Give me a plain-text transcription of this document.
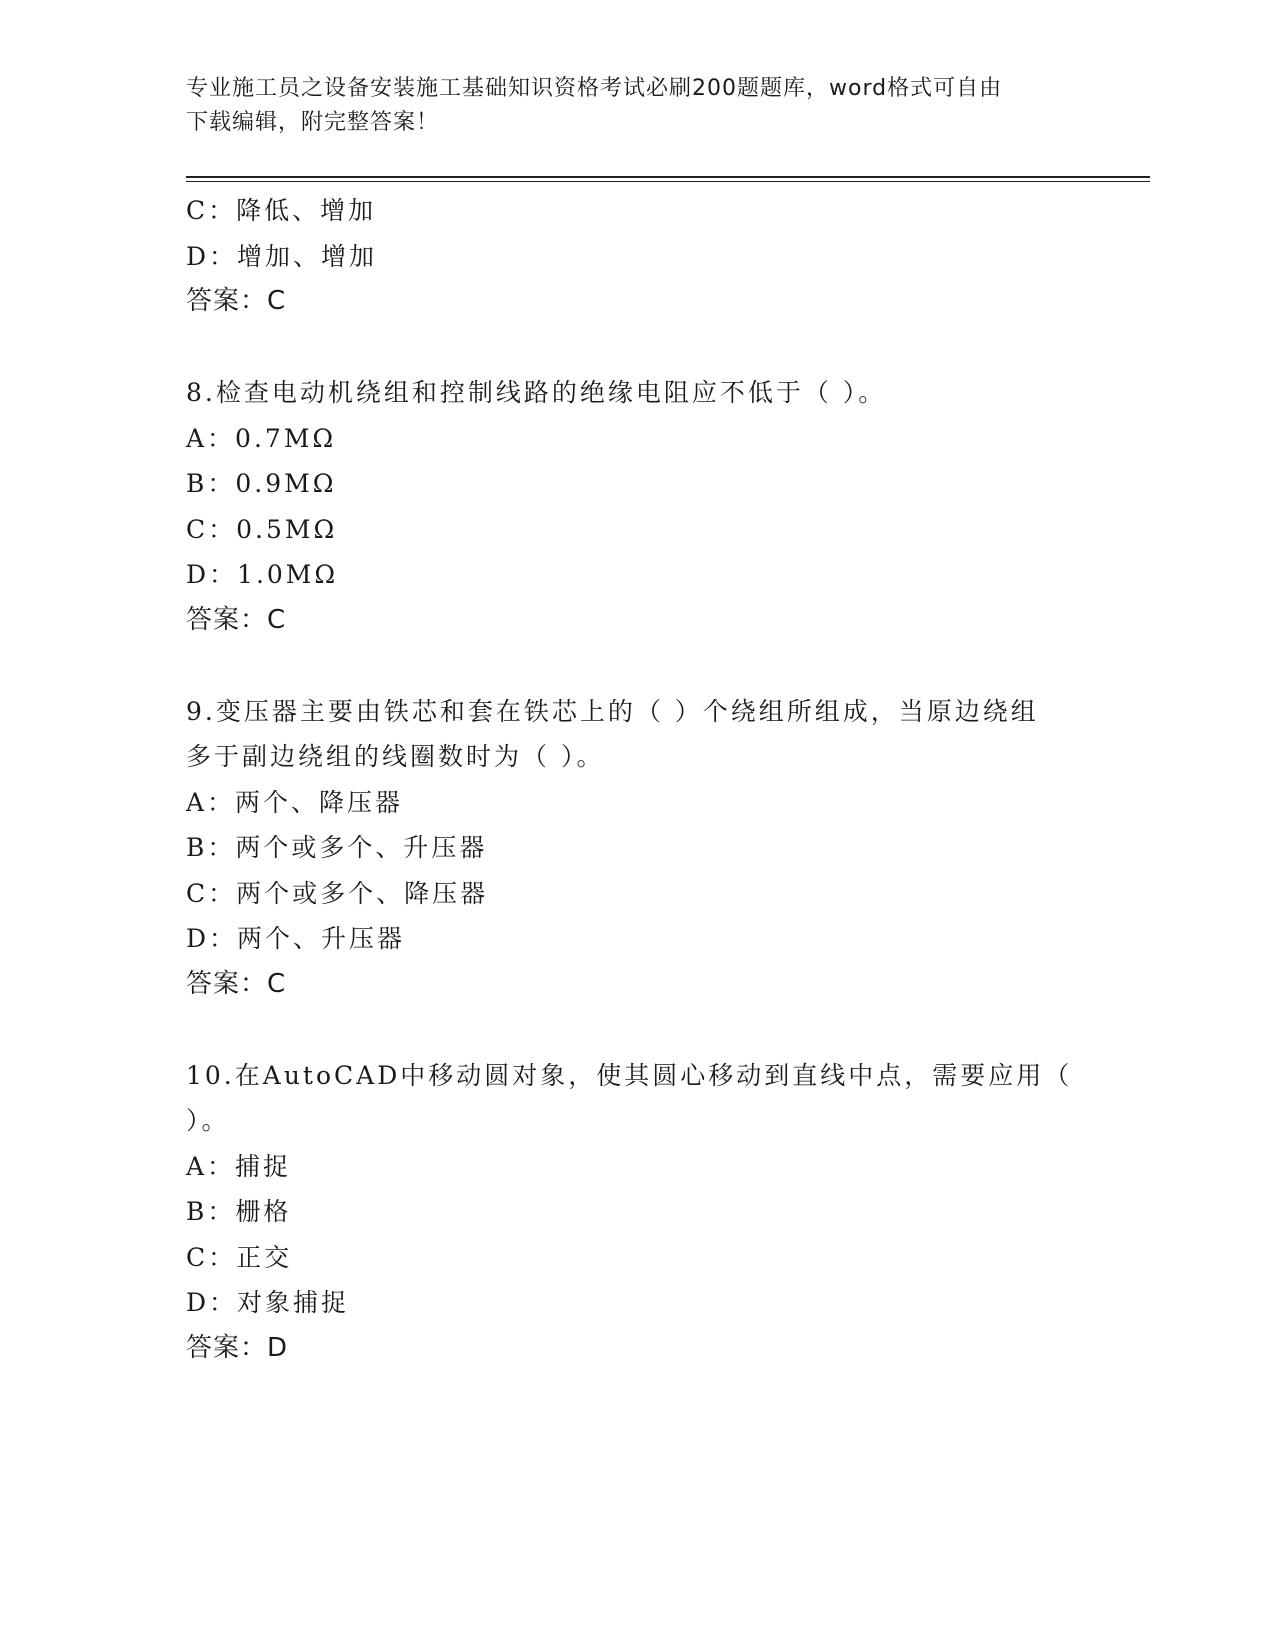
专业施工员之设备安装施工基础知识资格考试必刷200题题库，word格式可自由
下载编辑，附完整答案！
C：降低、增加
D：增加、增加
答案：C
8.检查电动机绕组和控制线路的绝缘电阻应不低于（ ）。
A：0.7MΩ
B：0.9MΩ
C：0.5MΩ
D：1.0MΩ
答案：C
9.变压器主要由铁芯和套在铁芯上的（ ）个绕组所组成，当原边绕组
多于副边绕组的线圈数时为（ ）。
A：两个、降压器
B：两个或多个、升压器
C：两个或多个、降压器
D：两个、升压器
答案：C
10.在AutoCAD中移动圆对象，使其圆心移动到直线中点，需要应用（
）。
A：捕捉
B：栅格
C：正交
D：对象捕捉
答案：D
